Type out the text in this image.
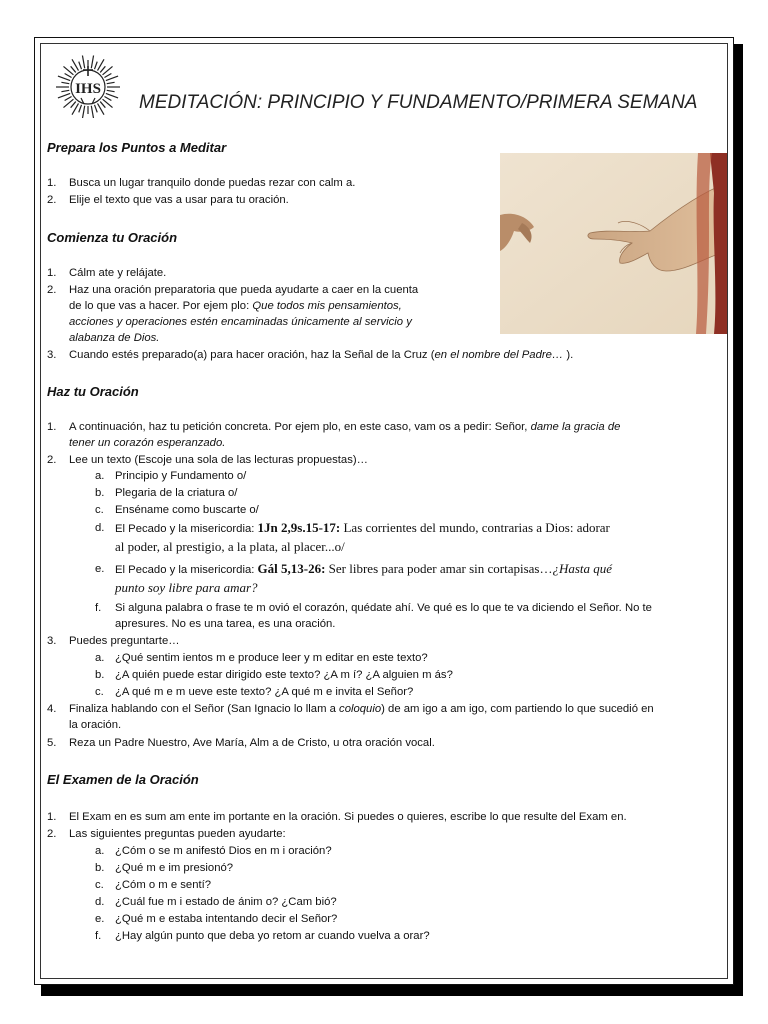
IHS
MEDITACIÓN: PRINCIPIO Y FUNDAMENTO/PRIMERA SEMANA
Prepara los Puntos a Meditar
1. Busca un lugar tranquilo donde puedas rezar con calm a.
2. Elije el texto que vas a usar para tu oración.
Comienza tu Oración
1. Cálm ate y relájate.
2. Haz una oración preparatoria que pueda ayudarte a caer en la cuenta
de lo que vas a hacer. Por ejem plo: Que todos mis pensamientos,
acciones y operaciones estén encaminadas únicamente al servicio y
alabanza de Dios.
3. Cuando estés preparado(a) para hacer oración, haz la Señal de la Cruz (en el nombre del Padre… ).
Haz tu Oración
1. A continuación, haz tu petición concreta. Por ejem plo, en este caso, vam os a pedir: Señor, dame la gracia de
tener un corazón esperanzado.
2. Lee un texto (Escoje una sola de las lecturas propuestas)…
a. Principio y Fundamento o/
b. Plegaria de la criatura o/
c. Enséname como buscarte o/
d. El Pecado y la misericordia: 1Jn 2,9s.15-17: Las corrientes del mundo, contrarias a Dios: adorar
al poder, al prestigio, a la plata, al placer...o/
e. El Pecado y la misericordia: Gál 5,13-26: Ser libres para poder amar sin cortapisas…¿Hasta qué
punto soy libre para amar?
f. Si alguna palabra o frase te m ovió el corazón, quédate ahí. Ve qué es lo que te va diciendo el Señor. No te
apresures. No es una tarea, es una oración.
3. Puedes preguntarte…
a. ¿Qué sentim ientos m e produce leer y m editar en este texto?
b. ¿A quién puede estar dirigido este texto? ¿A m í? ¿A alguien m ás?
c. ¿A qué m e m ueve este texto? ¿A qué m e invita el Señor?
4. Finaliza hablando con el Señor (San Ignacio lo llam a coloquio) de am igo a am igo, com partiendo lo que sucedió en
la oración.
5. Reza un Padre Nuestro, Ave María, Alm a de Cristo, u otra oración vocal.
El Examen de la Oración
1. El Exam en es sum am ente im portante en la oración. Si puedes o quieres, escribe lo que resulte del Exam en.
2. Las siguientes preguntas pueden ayudarte:
a. ¿Cóm o se m anifestó Dios en m i oración?
b. ¿Qué m e im presionó?
c. ¿Cóm o m e sentí?
d. ¿Cuál fue m i estado de ánim o? ¿Cam bió?
e. ¿Qué m e estaba intentando decir el Señor?
f. ¿Hay algún punto que deba yo retom ar cuando vuelva a orar?
